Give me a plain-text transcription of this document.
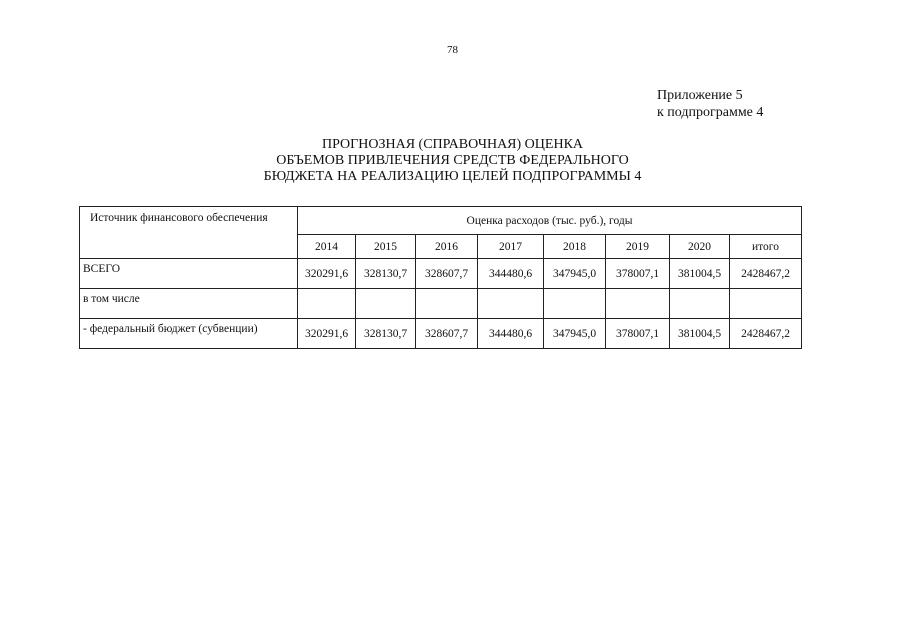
78
Приложение 5
к подпрограмме 4
ПРОГНОЗНАЯ (СПРАВОЧНАЯ) ОЦЕНКА
ОБЪЕМОВ ПРИВЛЕЧЕНИЯ СРЕДСТВ ФЕДЕРАЛЬНОГО
БЮДЖЕТА НА РЕАЛИЗАЦИЮ ЦЕЛЕЙ ПОДПРОГРАММЫ 4
Источник финансового обеспечения	Оценка расходов (тыс. руб.), годы							
	2014	2015	2016	2017	2018	2019	2020	итого
ВСЕГО	320291,6	328130,7	328607,7	344480,6	347945,0	378007,1	381004,5	2428467,2
в том числе								
- федеральный бюджет (субвенции)	320291,6	328130,7	328607,7	344480,6	347945,0	378007,1	381004,5	2428467,2
